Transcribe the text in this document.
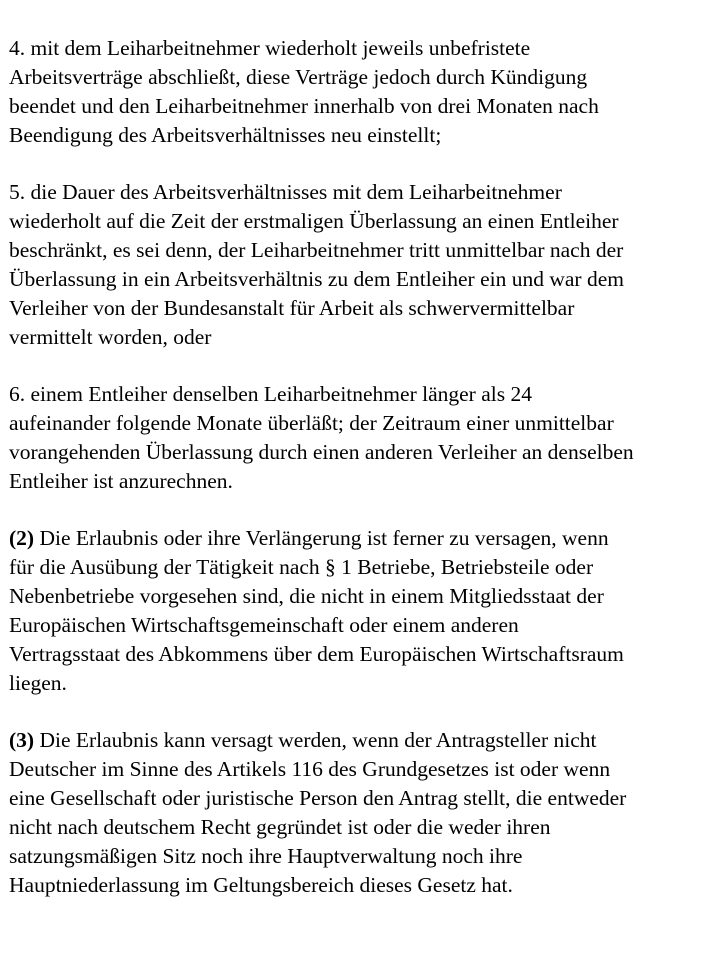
4. mit dem Leiharbeitnehmer wiederholt jeweils unbefristete
Arbeitsverträge abschließt, diese Verträge jedoch durch Kündigung
beendet und den Leiharbeitnehmer innerhalb von drei Monaten nach
Beendigung des Arbeitsverhältnisses neu einstellt;

5. die Dauer des Arbeitsverhältnisses mit dem Leiharbeitnehmer
wiederholt auf die Zeit der erstmaligen Überlassung an einen Entleiher
beschränkt, es sei denn, der Leiharbeitnehmer tritt unmittelbar nach der
Überlassung in ein Arbeitsverhältnis zu dem Entleiher ein und war dem
Verleiher von der Bundesanstalt für Arbeit als schwervermittelbar
vermittelt worden, oder

6. einem Entleiher denselben Leiharbeitnehmer länger als 24
aufeinander folgende Monate überläßt; der Zeitraum einer unmittelbar
vorangehenden Überlassung durch einen anderen Verleiher an denselben
Entleiher ist anzurechnen.

(2) Die Erlaubnis oder ihre Verlängerung ist ferner zu versagen, wenn
für die Ausübung der Tätigkeit nach § 1 Betriebe, Betriebsteile oder
Nebenbetriebe vorgesehen sind, die nicht in einem Mitgliedsstaat der
Europäischen Wirtschaftsgemeinschaft oder einem anderen
Vertragsstaat des Abkommens über dem Europäischen Wirtschaftsraum
liegen.

(3) Die Erlaubnis kann versagt werden, wenn der Antragsteller nicht
Deutscher im Sinne des Artikels 116 des Grundgesetzes ist oder wenn
eine Gesellschaft oder juristische Person den Antrag stellt, die entweder
nicht nach deutschem Recht gegründet ist oder die weder ihren
satzungsmäßigen Sitz noch ihre Hauptverwaltung noch ihre
Hauptniederlassung im Geltungsbereich dieses Gesetz hat.
